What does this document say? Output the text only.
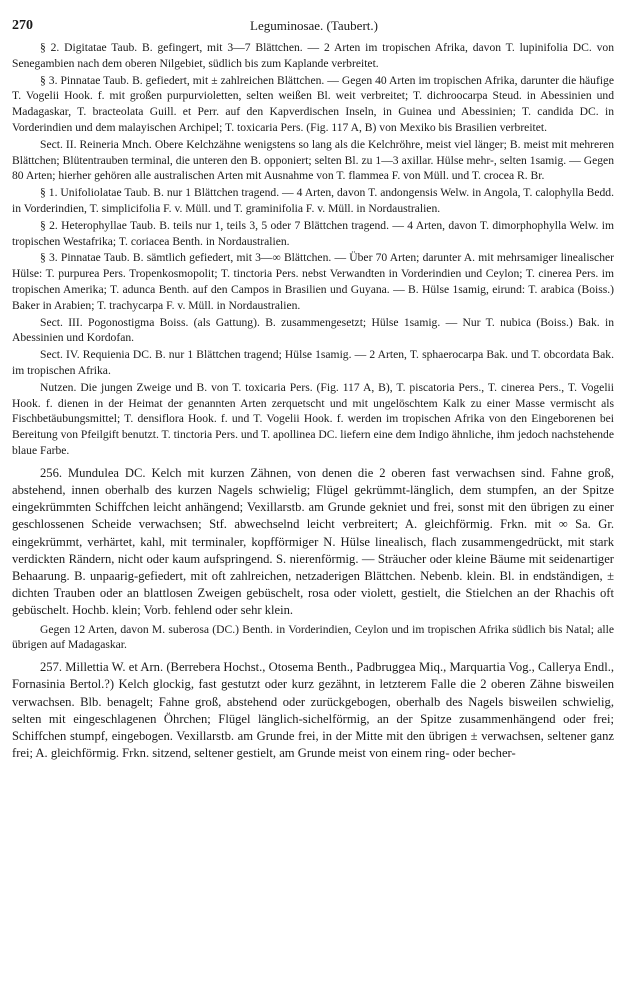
270	Leguminosae. (Taubert.)

§ 2. Digitatae Taub. B. gefingert, mit 3—7 Blättchen. — 2 Arten im tropischen Afrika, davon T. lupinifolia DC. von Senegambien nach dem oberen Nilgebiet, südlich bis zum Kaplande verbreitet.

§ 3. Pinnatae Taub. B. gefiedert, mit ± zahlreichen Blättchen. — Gegen 40 Arten im tropischen Afrika, darunter die häufige T. Vogelii Hook. f. mit großen purpurvioletten, selten weißen Bl. weit verbreitet; T. dichroocarpa Steud. in Abessinien und Madagaskar, T. bracteolata Guill. et Perr. auf den Kapverdischen Inseln, in Guinea und Abessinien; T. candida DC. in Vorderindien und dem malayischen Archipel; T. toxicaria Pers. (Fig. 117 A, B) von Mexiko bis Brasilien verbreitet.

Sect. II. Reineria Mnch. Obere Kelchzähne wenigstens so lang als die Kelchröhre, meist viel länger; B. meist mit mehreren Blättchen; Blütentrauben terminal, die unteren den B. opponiert; selten Bl. zu 1—3 axillar. Hülse mehr-, selten 1samig. — Gegen 80 Arten; hierher gehören alle australischen Arten mit Ausnahme von T. flammea F. von Müll. und T. crocea R. Br.

§ 1. Unifoliolatae Taub. B. nur 1 Blättchen tragend. — 4 Arten, davon T. andongensis Welw. in Angola, T. calophylla Bedd. in Vorderindien, T. simplicifolia F. v. Müll. und T. graminifolia F. v. Müll. in Nordaustralien.

§ 2. Heterophyllae Taub. B. teils nur 1, teils 3, 5 oder 7 Blättchen tragend. — 4 Arten, davon T. dimorphophylla Welw. im tropischen Westafrika; T. coriacea Benth. in Nordaustralien.

§ 3. Pinnatae Taub. B. sämtlich gefiedert, mit 3—∞ Blättchen. — Über 70 Arten; darunter A. mit mehrsamiger linealischer Hülse: T. purpurea Pers. Tropenkosmopolit; T. tinctoria Pers. nebst Verwandten in Vorderindien und Ceylon; T. cinerea Pers. im tropischen Amerika; T. adunca Benth. auf den Campos in Brasilien und Guyana. — B. Hülse 1samig, eirund: T. arabica (Boiss.) Baker in Arabien; T. trachycarpa F. v. Müll. in Nordaustralien.

Sect. III. Pogonostigma Boiss. (als Gattung). B. zusammengesetzt; Hülse 1samig. — Nur T. nubica (Boiss.) Bak. in Abessinien und Kordofan.

Sect. IV. Requienia DC. B. nur 1 Blättchen tragend; Hülse 1samig. — 2 Arten, T. sphaerocarpa Bak. und T. obcordata Bak. im tropischen Afrika.

Nutzen. Die jungen Zweige und B. von T. toxicaria Pers. (Fig. 117 A, B), T. piscatoria Pers., T. cinerea Pers., T. Vogelii Hook. f. dienen in der Heimat der genannten Arten zerquetscht und mit ungelöschtem Kalk zu einer Masse vermischt als Fischbetäubungsmittel; T. densiflora Hook. f. und T. Vogelii Hook. f. werden im tropischen Afrika von den Eingeborenen bei Bereitung von Pfeilgift benutzt. T. tinctoria Pers. und T. apollinea DC. liefern eine dem Indigo ähnliche, ihm jedoch nachstehende blaue Farbe.

256. Mundulea DC. Kelch mit kurzen Zähnen, von denen die 2 oberen fast verwachsen sind. Fahne groß, abstehend, innen oberhalb des kurzen Nagels schwielig; Flügel gekrümmt-länglich, dem stumpfen, an der Spitze eingekrümmten Schiffchen leicht anhängend; Vexillarstb. am Grunde gekniet und frei, sonst mit den übrigen zu einer geschlossenen Scheide verwachsen; Stf. abwechselnd leicht verbreitert; A. gleichförmig. Frkn. mit ∞ Sa. Gr. eingekrümmt, verhärtet, kahl, mit terminaler, kopfförmiger N. Hülse linealisch, flach zusammengedrückt, mit stark verdickten Rändern, nicht oder kaum aufspringend. S. nierenförmig. — Sträucher oder kleine Bäume mit seidenartiger Behaarung. B. unpaarig-gefiedert, mit oft zahlreichen, netzaderigen Blättchen. Nebenb. klein. Bl. in endständigen, ± dichten Trauben oder an blattlosen Zweigen gebüschelt, rosa oder violett, gestielt, die Stielchen an der Rhachis oft gebüschelt. Hochb. klein; Vorb. fehlend oder sehr klein.

Gegen 12 Arten, davon M. suberosa (DC.) Benth. in Vorderindien, Ceylon und im tropischen Afrika südlich bis Natal; alle übrigen auf Madagaskar.

257. Millettia W. et Arn. (Berrebera Hochst., Otosema Benth., Padbruggea Miq., Marquartia Vog., Callerya Endl., Fornasinia Bertol.?) Kelch glockig, fast gestutzt oder kurz gezähnt, in letzterem Falle die 2 oberen Zähne bisweilen verwachsen. Blb. benagelt; Fahne groß, abstehend oder zurückgebogen, oberhalb des Nagels bisweilen schwielig, selten mit eingeschlagenen Öhrchen; Flügel länglich-sichelförmig, an der Spitze zusammenhängend oder frei; Schiffchen stumpf, eingebogen. Vexillarstb. am Grunde frei, in der Mitte mit den übrigen ± verwachsen, seltener ganz frei; A. gleichförmig. Frkn. sitzend, seltener gestielt, am Grunde meist von einem ring- oder becher-
